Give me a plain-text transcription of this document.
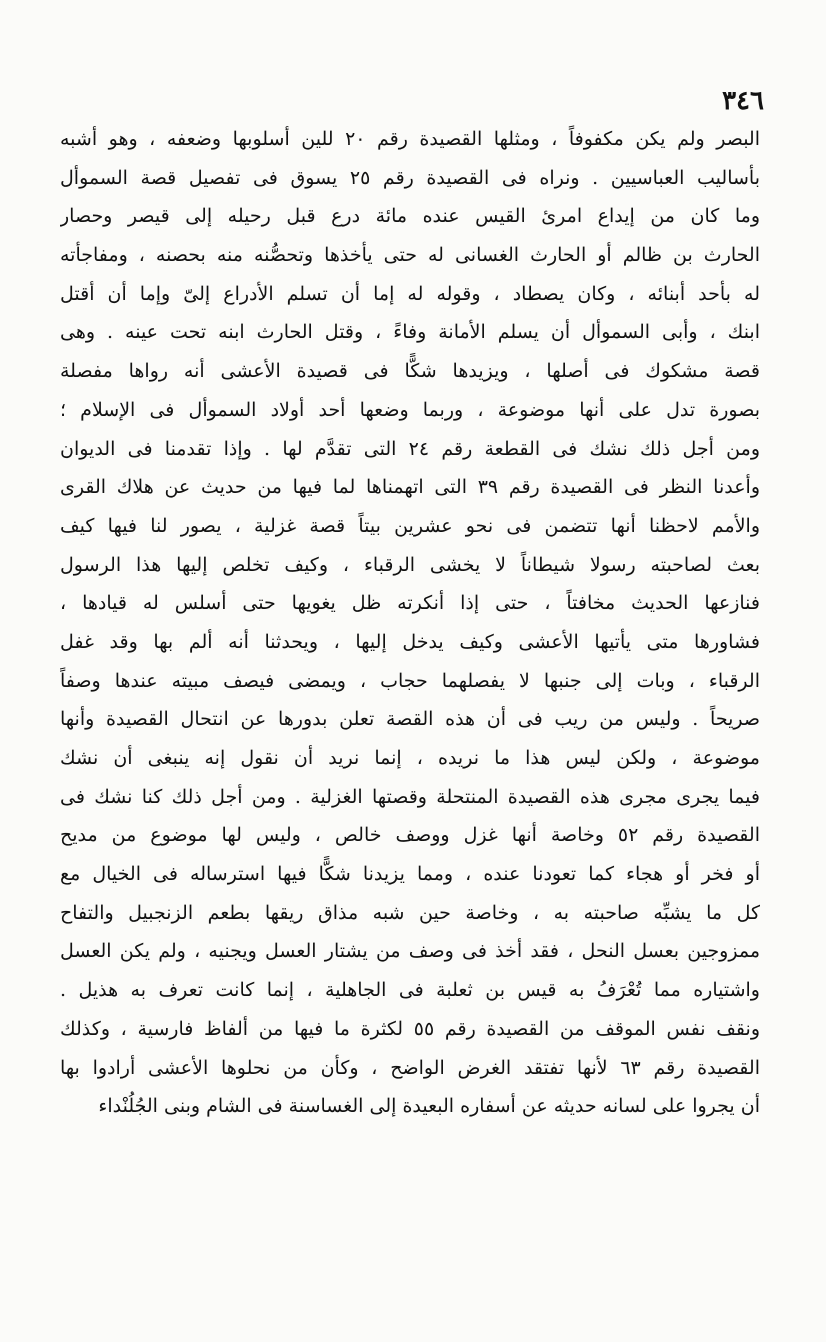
٣٤٦
البصر ولم يكن مكفوفاً ، ومثلها القصيدة رقم ٢٠ للين أسلوبها وضعفه ، وهو أشبه
بأساليب العباسيين . ونراه فى القصيدة رقم ٢٥ يسوق فى تفصيل قصة السموأل
وما كان من إيداع امرئ القيس عنده مائة درع قبل رحيله إلى قيصر وحصار
الحارث بن ظالم أو الحارث الغسانى له حتى يأخذها وتحصُّنه منه بحصنه ، ومفاجأته
له بأحد أبنائه ، وكان يصطاد ، وقوله له إما أن تسلم الأدراع إلىّ وإما أن أقتل
ابنك ، وأبى السموأل أن يسلم الأمانة وفاءً ، وقتل الحارث ابنه تحت عينه . وهى
قصة مشكوك فى أصلها ، ويزيدها شكًّا فى قصيدة الأعشى أنه رواها مفصلة
بصورة تدل على أنها موضوعة ، وربما وضعها أحد أولاد السموأل فى الإسلام ؛
ومن أجل ذلك نشك فى القطعة رقم ٢٤ التى تقدَّم لها . وإذا تقدمنا فى الديوان
وأعدنا النظر فى القصيدة رقم ٣٩ التى اتهمناها لما فيها من حديث عن هلاك القرى
والأمم لاحظنا أنها تتضمن فى نحو عشرين بيتاً قصة غزلية ، يصور لنا فيها كيف
بعث لصاحبته رسولا شيطاناً لا يخشى الرقباء ، وكيف تخلص إليها هذا الرسول
فنازعها الحديث مخافتاً ، حتى إذا أنكرته ظل يغويها حتى أسلس له قيادها ،
فشاورها متى يأتيها الأعشى وكيف يدخل إليها ، ويحدثنا أنه ألم بها وقد غفل
الرقباء ، وبات إلى جنبها لا يفصلهما حجاب ، ويمضى فيصف مبيته عندها وصفاً
صريحاً . وليس من ريب فى أن هذه القصة تعلن بدورها عن انتحال القصيدة وأنها
موضوعة ، ولكن ليس هذا ما نريده ، إنما نريد أن نقول إنه ينبغى أن نشك
فيما يجرى مجرى هذه القصيدة المنتحلة وقصتها الغزلية . ومن أجل ذلك كنا نشك فى
القصيدة رقم ٥٢ وخاصة أنها غزل ووصف خالص ، وليس لها موضوع من مديح
أو فخر أو هجاء كما تعودنا عنده ، ومما يزيدنا شكًّا فيها استرساله فى الخيال مع
كل ما يشبِّه صاحبته به ، وخاصة حين شبه مذاق ريقها بطعم الزنجبيل والتفاح
ممزوجين بعسل النحل ، فقد أخذ فى وصف من يشتار العسل ويجنيه ، ولم يكن العسل
واشتياره مما تُعْرَفُ به قيس بن ثعلبة فى الجاهلية ، إنما كانت تعرف به هذيل .
ونقف نفس الموقف من القصيدة رقم ٥٥ لكثرة ما فيها من ألفاظ فارسية ، وكذلك
القصيدة رقم ٦٣ لأنها تفتقد الغرض الواضح ، وكأن من نحلوها الأعشى أرادوا بها
أن يجروا على لسانه حديثه عن أسفاره البعيدة إلى الغساسنة فى الشام وبنى الجُلُنْداء
